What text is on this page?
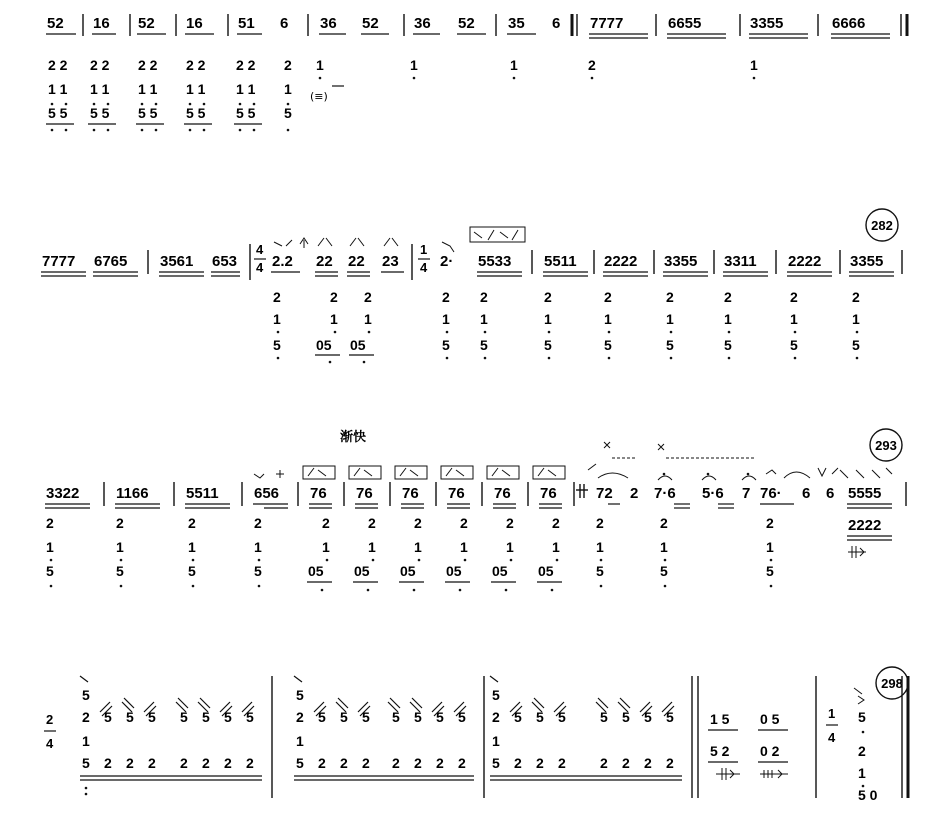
52 16 52 16 51 6 36 52 36 52 35 6 7777	6655	3355	6666
2 2 2 2 2 2 2 2 2 2 2
1 1 1 1 1 1 1 1 1 1 1
5 5 5 5 5 5 5 5 5 5 5
1	1	1	2	1
(≡)
282
7777 6765 3561 653
4
4 2.2 22 22 23
1
4 2· 5533 5511 2222 3355 3311 2222 3355
2
1
5
2
1
05
2
1
05
2
1
5
2
1
5
2
1
5
2
1
5
2
1
5
2
1
5
2
1
5
2
1
5
渐快
293
3322 1166 5511 656 76 76 76 76 76 76	72 2 7·6 5·6 7 76· 6 6 5555
2222
2
1
5
2
1
5
2
1
5
2
1
5
2
1
05
2
1
05
2
1
05
2
1
05
2
1
05
2
1
05
2
1
5
2
1
5
2
1
5
298
2
4
5
2
1
5
5 5 5 5 5 5 5
2 2 2 2 2 2 2
5
2
1
5
5 5 5 5 5 5 5
2 2 2 2 2 2 2
5
2
1
5
5 5 5 5 5 5 5
2 2 2 2 2 2 2
1 5 0 5
5 2 0 2
1
4
5
2
1
5 0
